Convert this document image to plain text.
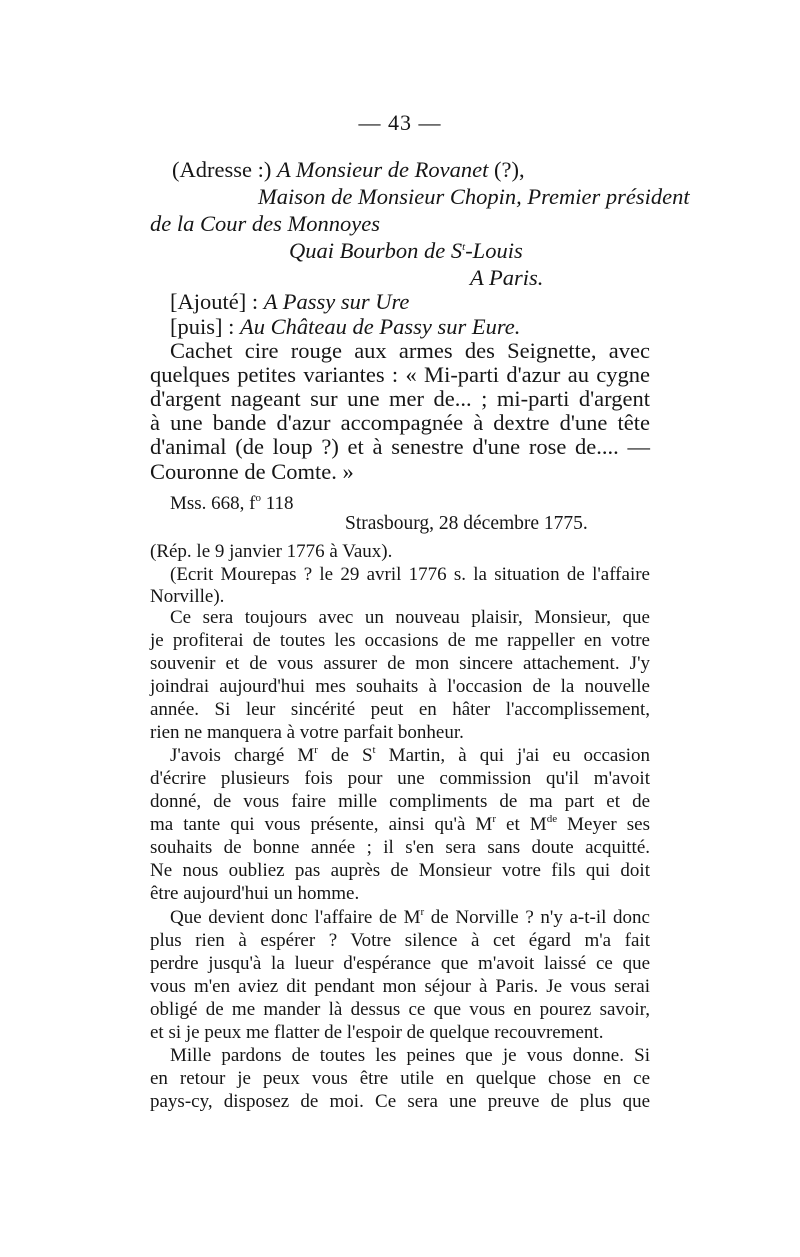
— 43 —
(Adresse :) A Monsieur de Rovanet (?),
Maison de Monsieur Chopin, Premier président
de la Cour des Monnoyes
Quai Bourbon de $S^t$-Louis
A Paris.
[Ajouté] : A Passy sur Ure
[puis] : Au Château de Passy sur Eure.
Cachet cire rouge aux armes des Seignette, avec
quelques petites variantes : « Mi-parti d'azur au cygne
d'argent nageant sur une mer de... ; mi-parti d'argent
à une bande d'azur accompagnée à dextre d'une tête
d'animal (de loup ?) et à senestre d'une rose de.... —
Couronne de Comte. »
Mss. 668, $f^o$ 118
Strasbourg, 28 décembre 1775.
(Rép. le 9 janvier 1776 à Vaux).
(Ecrit Mourepas ? le 29 avril 1776 s. la situation de l'affaire
Norville).
Ce sera toujours avec un nouveau plaisir, Monsieur, que
je profiterai de toutes les occasions de me rappeller en votre
souvenir et de vous assurer de mon sincere attachement. J'y
joindrai aujourd'hui mes souhaits à l'occasion de la nouvelle
année. Si leur sincérité peut en hâter l'accomplissement,
rien ne manquera à votre parfait bonheur.
J'avois chargé $M^r$ de $S^t$ Martin, à qui j'ai eu occasion
d'écrire plusieurs fois pour une commission qu'il m'avoit
donné, de vous faire mille compliments de ma part et de
ma tante qui vous présente, ainsi qu'à $M^r$ et Mde Meyer ses
souhaits de bonne année ; il s'en sera sans doute acquitté.
Ne nous oubliez pas auprès de Monsieur votre fils qui doit
être aujourd'hui un homme.
Que devient donc l'affaire de $M^r$ de Norville ? n'y a-t-il donc
plus rien à espérer ? Votre silence à cet égard m'a fait
perdre jusqu'à la lueur d'espérance que m'avoit laissé ce que
vous m'en aviez dit pendant mon séjour à Paris. Je vous serai
obligé de me mander là dessus ce que vous en pourez savoir,
et si je peux me flatter de l'espoir de quelque recouvrement.
Mille pardons de toutes les peines que je vous donne. Si
en retour je peux vous être utile en quelque chose en ce
pays-cy, disposez de moi. Ce sera une preuve de plus que
